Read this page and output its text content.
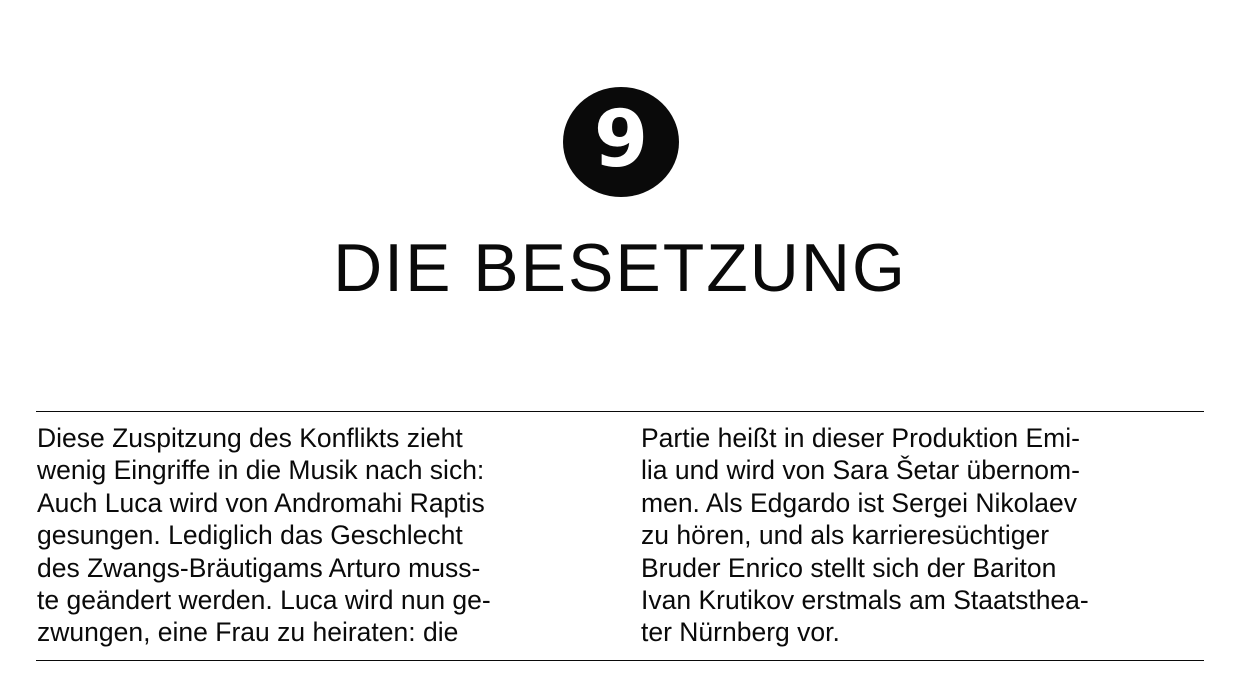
9
DIE BESETZUNG
Diese Zuspitzung des Konflikts zieht
wenig Eingriffe in die Musik nach sich:
Auch Luca wird von Andromahi Raptis
gesungen. Lediglich das Geschlecht
des Zwangs-Bräutigams Arturo muss-
te geändert werden. Luca wird nun ge-
zwungen, eine Frau zu heiraten: die
Partie heißt in dieser Produktion Emi-
lia und wird von Sara Šetar übernom-
men. Als Edgardo ist Sergei Nikolaev
zu hören, und als karrieresüchtiger
Bruder Enrico stellt sich der Bariton
Ivan Krutikov erstmals am Staatsthea-
ter Nürnberg vor.
